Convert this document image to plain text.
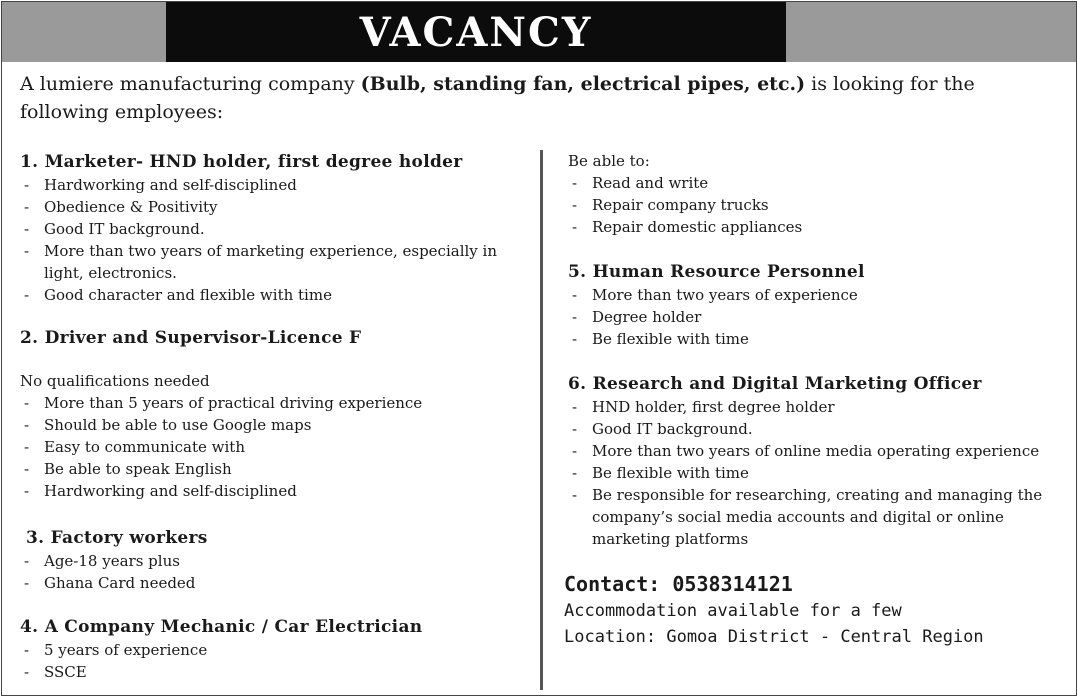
VACANCY

A lumiere manufacturing company (Bulb, standing fan, electrical pipes, etc.) is looking for the following employees:

1. Marketer- HND holder, first degree holder
- Hardworking and self-disciplined
- Obedience & Positivity
- Good IT background.
- More than two years of marketing experience, especially in light, electronics.
- Good character and flexible with time
2. Driver and Supervisor-Licence F
No qualifications needed
- More than 5 years of practical driving experience
- Should be able to use Google maps
- Easy to communicate with
- Be able to speak English
- Hardworking and self-disciplined
3. Factory workers
- Age-18 years plus
- Ghana Card needed
4. A Company Mechanic / Car Electrician
- 5 years of experience
- SSCE
Be able to:
- Read and write
- Repair company trucks
- Repair domestic appliances
5. Human Resource Personnel
- More than two years of experience
- Degree holder
- Be flexible with time
6. Research and Digital Marketing Officer
- HND holder, first degree holder
- Good IT background.
- More than two years of online media operating experience
- Be flexible with time
- Be responsible for researching, creating and managing the company’s social media accounts and digital or online marketing platforms
Contact: 0538314121
Accommodation available for a few
Location: Gomoa District - Central Region
